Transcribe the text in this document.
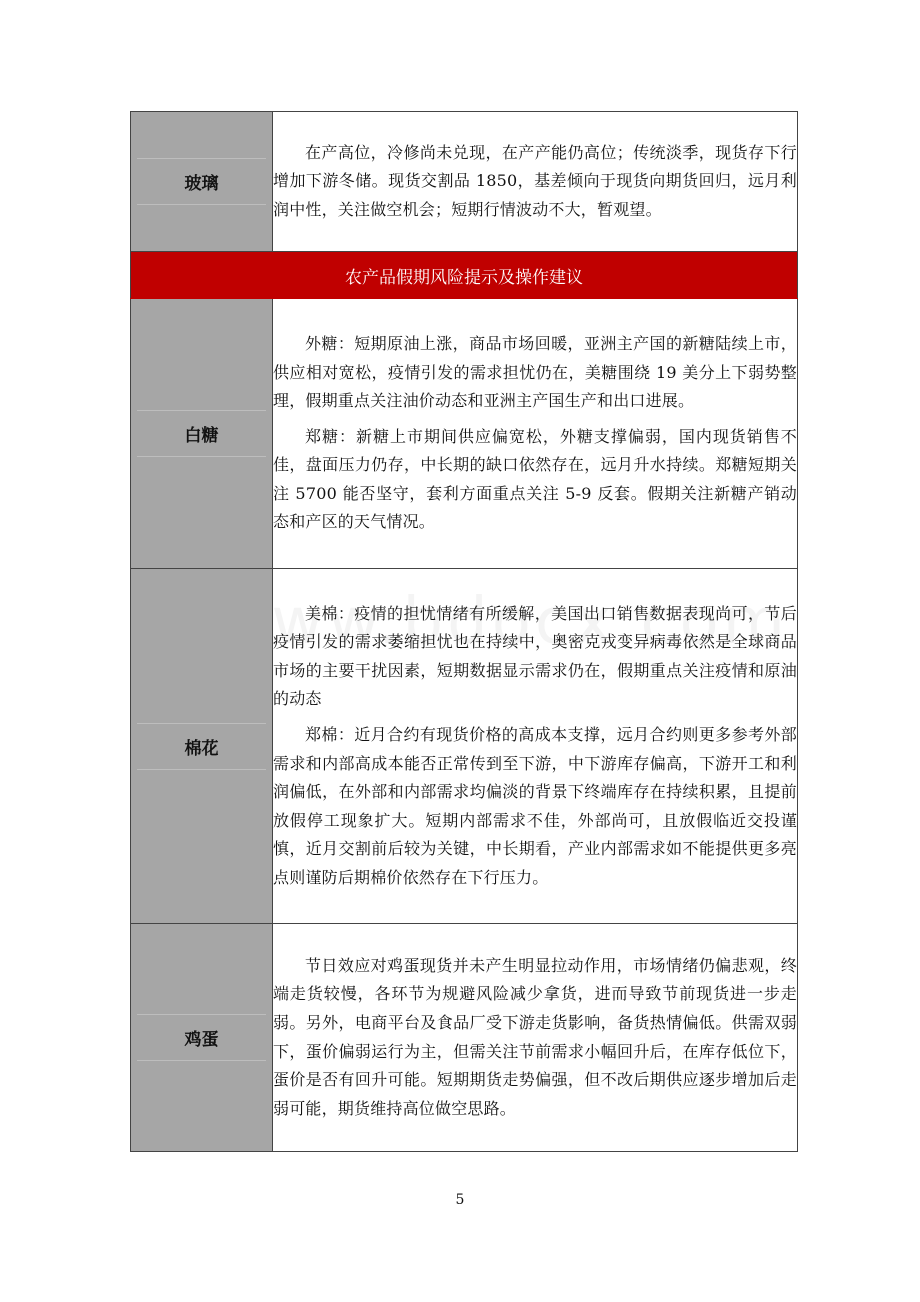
玻璃	在产高位，冷修尚未兑现，在产产能仍高位；传统淡季，现货存下行增加下游冬储。现货交割品 1850，基差倾向于现货向期货回归，远月利润中性，关注做空机会；短期行情波动不大，暂观望。

农产品假期风险提示及操作建议	

白糖	外糖：短期原油上涨，商品市场回暖，亚洲主产国的新糖陆续上市，供应相对宽松，疫情引发的需求担忧仍在，美糖围绕 19 美分上下弱势整理，假期重点关注油价动态和亚洲主产国生产和出口进展。

郑糖：新糖上市期间供应偏宽松，外糖支撑偏弱，国内现货销售不佳，盘面压力仍存，中长期的缺口依然存在，远月升水持续。郑糖短期关注 5700 能否坚守，套利方面重点关注 5-9 反套。假期关注新糖产销动态和产区的天气情况。

棉花	美棉：疫情的担忧情绪有所缓解，美国出口销售数据表现尚可，节后疫情引发的需求萎缩担忧也在持续中，奥密克戎变异病毒依然是全球商品市场的主要干扰因素，短期数据显示需求仍在，假期重点关注疫情和原油的动态

郑棉：近月合约有现货价格的高成本支撑，远月合约则更多参考外部需求和内部高成本能否正常传到至下游，中下游库存偏高，下游开工和利润偏低，在外部和内部需求均偏淡的背景下终端库存在持续积累，且提前放假停工现象扩大。短期内部需求不佳，外部尚可，且放假临近交投谨慎，近月交割前后较为关键，中长期看，产业内部需求如不能提供更多亮点则谨防后期棉价依然存在下行压力。

鸡蛋	节日效应对鸡蛋现货并未产生明显拉动作用，市场情绪仍偏悲观，终端走货较慢，各环节为规避风险减少拿货，进而导致节前现货进一步走弱。另外，电商平台及食品厂受下游走货影响，备货热情偏低。供需双弱下，蛋价偏弱运行为主，但需关注节前需求小幅回升后，在库存低位下，蛋价是否有回升可能。短期期货走势偏强，但不改后期供应逐步增加后走弱可能，期货维持高位做空思路。

5
